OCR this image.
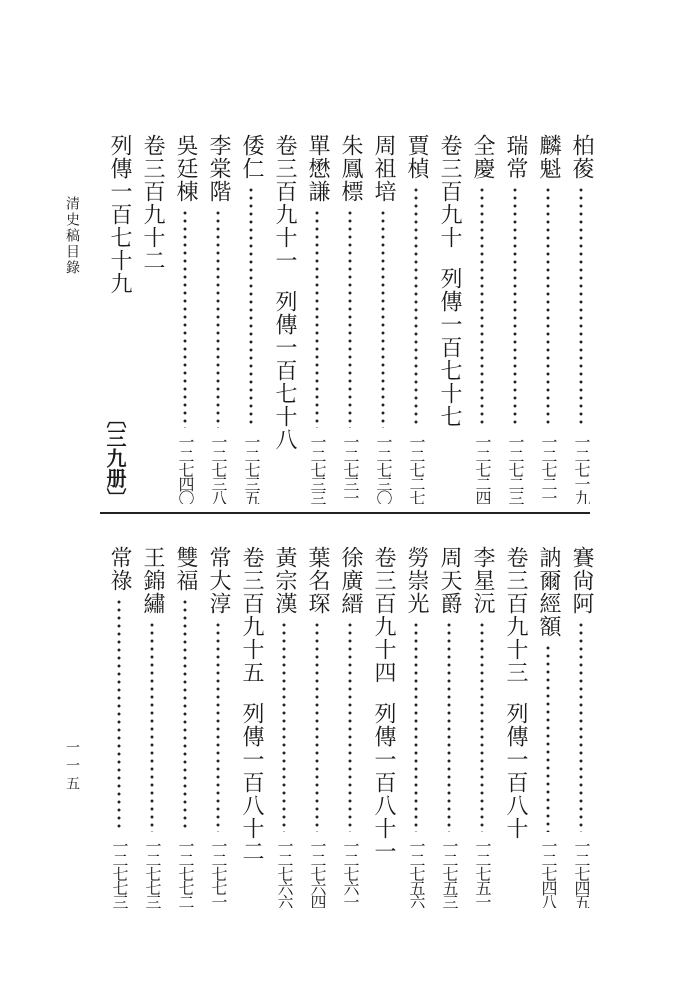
清史稿目錄
一一五
〔三九册〕
柏葰
一二七一九
麟魁
一二七二一
瑞常
一二七二三
全慶
一二七二四
卷三百九十列傳一百七十七
賈楨
一二七二七
周祖培
一二七三〇
朱鳳標
一二七三一
單懋謙
一二七三三
卷三百九十一列傳一百七十八
倭仁
一二七三五
李棠階
一二七三八
吳廷棟
一二七四〇
卷三百九十二
列傳一百七十九
賽尙阿
一二七四五
訥爾經額
一二七四八
卷三百九十三列傳一百八十
李星沅
一二七五一
周天爵
一二七五三
勞崇光
一二七五六
卷三百九十四列傳一百八十一
徐廣縉
一二七六一
葉名琛
一二七六四
黃宗漢
一二七六六
卷三百九十五列傳一百八十二
常大淳
一二七七一
雙福
一二七七二
王錦繡
一二七七三
常祿
一二七七三
